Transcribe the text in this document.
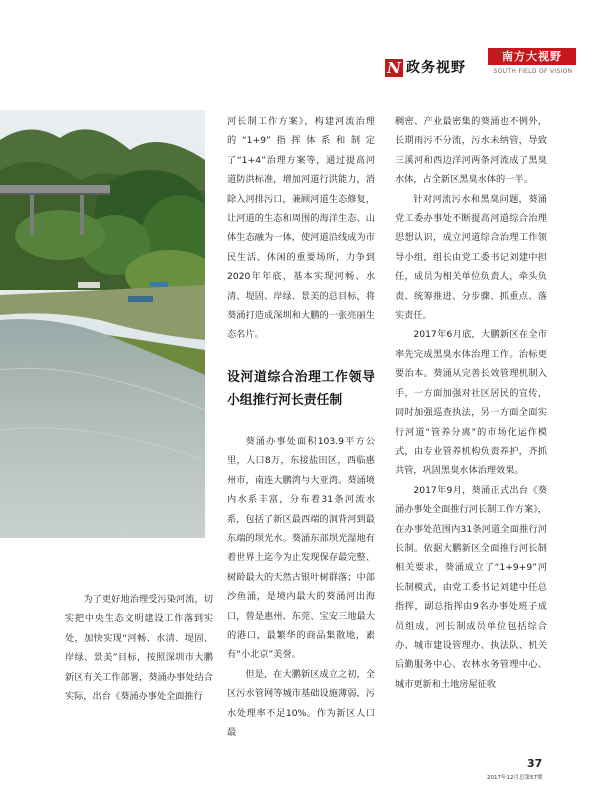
N 政务视野
南方大视野
SOUTH FIELD OF VISION

为了更好地治理受污染河流，切实把中央生态文明建设工作落到实处，加快实现“河畅、水清、堤固、岸绿、景美”目标，按照深圳市大鹏新区有关工作部署，葵涌办事处结合实际，出台《葵涌办事处全面推行

河长制工作方案》，构建河流治理的“1+9”指挥体系和制定了“1+4”治理方案等，通过提高河道防洪标准，增加河道行洪能力，消除入河排污口，兼顾河道生态修复，让河道的生态和周围的海洋生态、山体生态融为一体，使河道沿线成为市民生活、休闲的重要场所，力争到2020年年底，基本实现河畅、水清、堤固、岸绿、景美的总目标，将葵涌打造成深圳和大鹏的一张亮丽生态名片。

设河道综合治理工作领导小组推行河长责任制

葵涌办事处面积103.9平方公里，人口8万，东接盐田区，西临惠州市，南连大鹏湾与大亚湾。葵涌境内水系丰富，分布着31条河流水系，包括了新区最西端的洞背河到最东端的坝光水。葵涌东部坝光湿地有着世界上迄今为止发现保存最完整、树龄最大的天然古银叶树群落；中部沙鱼涌，是境内最大的葵涌河出海口，曾是惠州、东莞、宝安三地最大的港口，最繁华的商品集散地，素有“小北京”美誉。

但是，在大鹏新区成立之初，全区污水管网等城市基础设施薄弱，污水处理率不足10%。作为新区人口最

稠密、产业最密集的葵涌也不例外，长期雨污不分流，污水未纳管，导致三溪河和西边洋河两条河流成了黑臭水体，占全新区黑臭水体的一半。

针对河流污水和黑臭问题，葵涌党工委办事处不断提高河道综合治理思想认识，成立河道综合治理工作领导小组，组长由党工委书记刘建中担任，成员为相关单位负责人，牵头负责、统筹推进、分步骤、抓重点、落实责任。

2017年6月底，大鹏新区在全市率先完成黑臭水体治理工作。治标更要治本。葵涌从完善长效管理机制入手，一方面加强对社区居民的宣传，同时加强巡查执法，另一方面全面实行河道“管养分离”的市场化运作模式，由专业管养机构负责养护，齐抓共管，巩固黑臭水体治理效果。

2017年9月，葵涌正式出台《葵涌办事处全面推行河长制工作方案》，在办事处范围内31条河道全面推行河长制。依据大鹏新区全面推行河长制相关要求，葵涌成立了“1+9+9”河长制模式，由党工委书记刘建中任总指挥，副总指挥由9名办事处班子成员组成，河长制成员单位包括综合办、城市建设管理办、执法队、机关后勤服务中心、农林水务管理中心、城市更新和土地房屋征收

37
2017年12月总第57期
